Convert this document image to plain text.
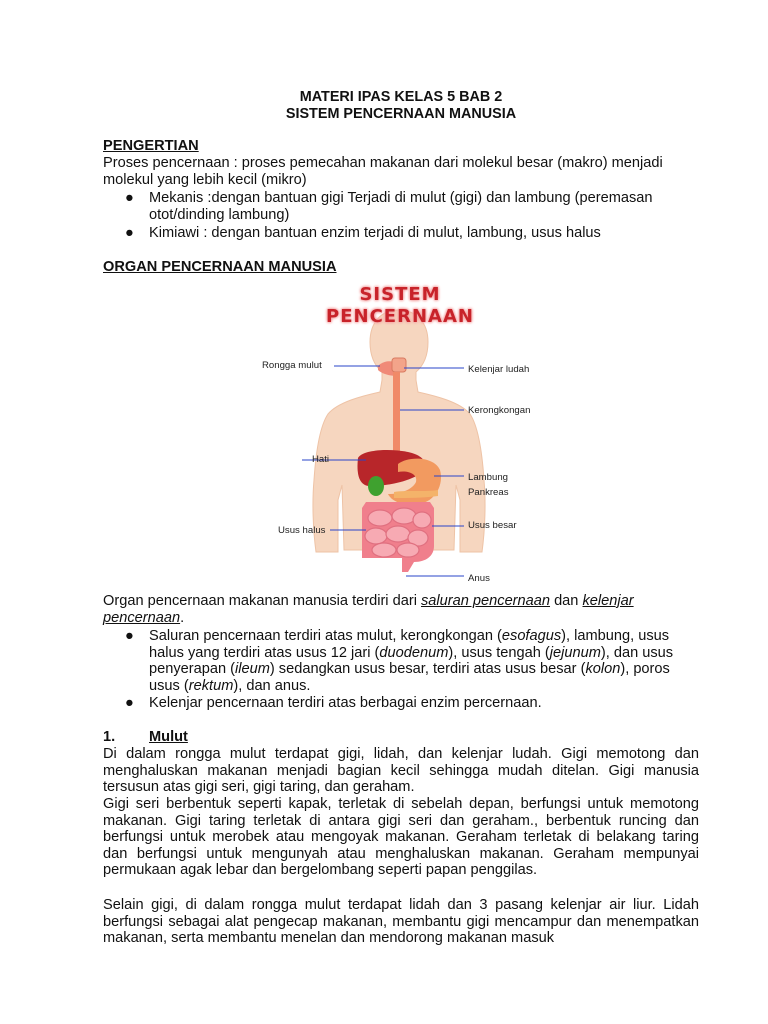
MATERI IPAS KELAS 5 BAB 2
SISTEM PENCERNAAN MANUSIA
PENGERTIAN
Proses pencernaan : proses pemecahan makanan dari molekul besar (makro) menjadi molekul yang lebih kecil (mikro)
● Mekanis :dengan bantuan gigi Terjadi di mulut (gigi) dan lambung (peremasan otot/dinding lambung)
● Kimiawi : dengan bantuan enzim terjadi di mulut, lambung, usus halus
ORGAN PENCERNAAN MANUSIA
Organ pencernaan makanan manusia terdiri dari saluran pencernaan dan kelenjar pencernaan.
● Saluran pencernaan terdiri atas mulut, kerongkongan (esofagus), lambung, usus halus yang terdiri atas usus 12 jari (duodenum), usus tengah (jejunum), dan usus penyerapan (ileum) sedangkan usus besar, terdiri atas usus besar (kolon), poros usus (rektum), dan anus.
● Kelenjar pencernaan terdiri atas berbagai enzim percernaan.
1. Mulut
Di dalam rongga mulut terdapat gigi, lidah, dan kelenjar ludah. Gigi memotong dan menghaluskan makanan menjadi bagian kecil sehingga mudah ditelan. Gigi manusia tersusun atas gigi seri, gigi taring, dan geraham.
Gigi seri berbentuk seperti kapak, terletak di sebelah depan, berfungsi untuk memotong makanan. Gigi taring terletak di antara gigi seri dan geraham., berbentuk runcing dan berfungsi untuk merobek atau mengoyak makanan. Geraham terletak di belakang taring dan berfungsi untuk mengunyah atau menghaluskan makanan. Geraham mempunyai permukaan agak lebar dan bergelombang seperti papan penggilas.
Selain gigi, di dalam rongga mulut terdapat lidah dan 3 pasang kelenjar air liur. Lidah berfungsi sebagai alat pengecap makanan, membantu gigi mencampur dan menempatkan makanan, serta membantu menelan dan mendorong makanan masuk
SISTEM PENCERNAAN
Rongga mulut	Kelenjar ludah
Kerongkongan
Hati
Lambung
Pankreas
Usus halus	Usus besar
Anus
